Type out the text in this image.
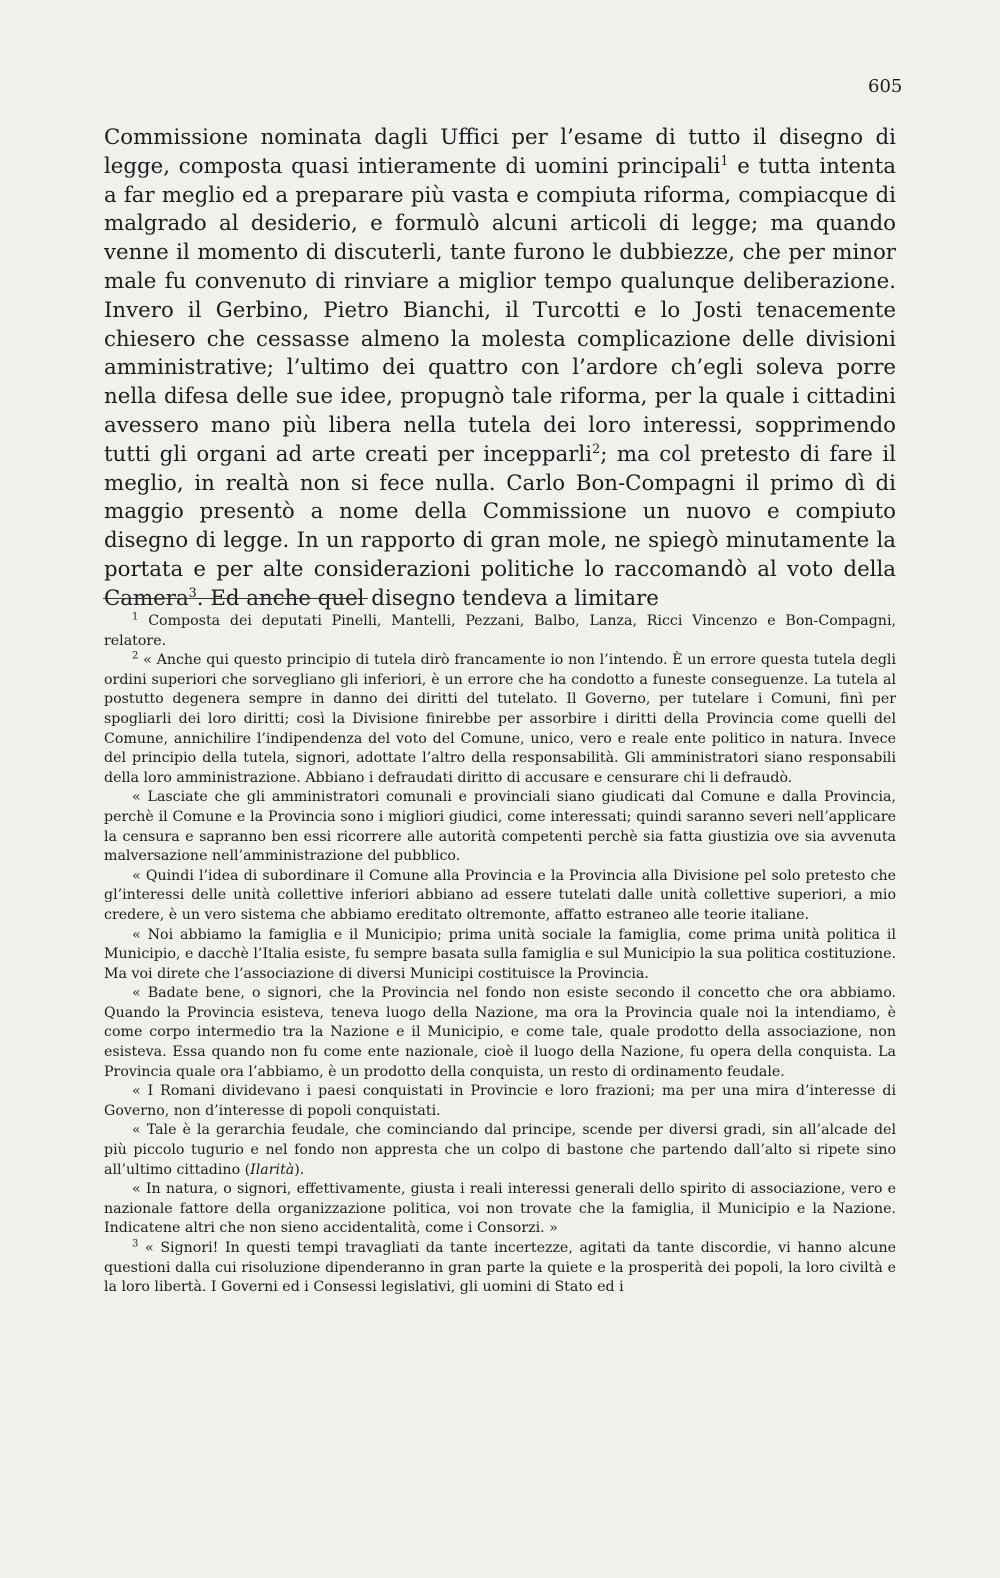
605

Commissione nominata dagli Uffici per l’esame di tutto il disegno di legge, composta quasi intieramente di uomini principali$^1$ e tutta intenta a far meglio ed a preparare più vasta e compiuta riforma, compiacque di malgrado al desiderio, e formulò alcuni articoli di legge; ma quando venne il momento di discuterli, tante furono le dubbiezze, che per minor male fu convenuto di rinviare a miglior tempo qualunque deliberazione. Invero il Gerbino, Pietro Bianchi, il Turcotti e lo Josti tenacemente chiesero che cessasse almeno la molesta complicazione delle divisioni amministrative; l’ultimo dei quattro con l’ardore ch’egli soleva porre nella difesa delle sue idee, propugnò tale riforma, per la quale i cittadini avessero mano più libera nella tutela dei loro interessi, sopprimendo tutti gli organi ad arte creati per incepparli$^2$; ma col pretesto di fare il meglio, in realtà non si fece nulla. Carlo Bon-Compagni il primo dì di maggio presentò a nome della Commissione un nuovo e compiuto disegno di legge. In un rapporto di gran mole, ne spiegò minutamente la portata e per alte considerazioni politiche lo raccomandò al voto della Camera$^3$. Ed anche quel disegno tendeva a limitare

$^1$ Composta dei deputati Pinelli, Mantelli, Pezzani, Balbo, Lanza, Ricci Vincenzo e Bon-Compagni, relatore.

$^2$ « Anche qui questo principio di tutela dirò francamente io non l’intendo. È un errore questa tutela degli ordini superiori che sorvegliano gli inferiori, è un errore che ha condotto a funeste conseguenze. La tutela al postutto degenera sempre in danno dei diritti del tutelato. Il Governo, per tutelare i Comuni, finì per spogliarli dei loro diritti; così la Divisione finirebbe per assorbire i diritti della Provincia come quelli del Comune, annichilire l’indipendenza del voto del Comune, unico, vero e reale ente politico in natura. Invece del principio della tutela, signori, adottate l’altro della responsabilità. Gli amministratori siano responsabili della loro amministrazione. Abbiano i defraudati diritto di accusare e censurare chi li defraudò.

« Lasciate che gli amministratori comunali e provinciali siano giudicati dal Comune e dalla Provincia, perchè il Comune e la Provincia sono i migliori giudici, come interessati; quindi saranno severi nell’applicare la censura e sapranno ben essi ricorrere alle autorità competenti perchè sia fatta giustizia ove sia avvenuta malversazione nell’amministrazione del pubblico.

« Quindi l’idea di subordinare il Comune alla Provincia e la Provincia alla Divisione pel solo pretesto che gl’interessi delle unità collettive inferiori abbiano ad essere tutelati dalle unità collettive superiori, a mio credere, è un vero sistema che abbiamo ereditato oltremonte, affatto estraneo alle teorie italiane.

« Noi abbiamo la famiglia e il Municipio; prima unità sociale la famiglia, come prima unità politica il Municipio, e dacchè l’Italia esiste, fu sempre basata sulla famiglia e sul Municipio la sua politica costituzione. Ma voi direte che l’associazione di diversi Municipi costituisce la Provincia.

« Badate bene, o signori, che la Provincia nel fondo non esiste secondo il concetto che ora abbiamo. Quando la Provincia esisteva, teneva luogo della Nazione, ma ora la Provincia quale noi la intendiamo, è come corpo intermedio tra la Nazione e il Municipio, e come tale, quale prodotto della associazione, non esisteva. Essa quando non fu come ente nazionale, cioè il luogo della Nazione, fu opera della conquista. La Provincia quale ora l’abbiamo, è un prodotto della conquista, un resto di ordinamento feudale.

« I Romani dividevano i paesi conquistati in Provincie e loro frazioni; ma per una mira d’interesse di Governo, non d’interesse di popoli conquistati.

« Tale è la gerarchia feudale, che cominciando dal principe, scende per diversi gradi, sin all’alcade del più piccolo tugurio e nel fondo non appresta che un colpo di bastone che partendo dall’alto si ripete sino all’ultimo cittadino (Ilarità).

« In natura, o signori, effettivamente, giusta i reali interessi generali dello spirito di associazione, vero e nazionale fattore della organizzazione politica, voi non trovate che la famiglia, il Municipio e la Nazione. Indicatene altri che non sieno accidentalità, come i Consorzi. »

$^3$ « Signori! In questi tempi travagliati da tante incertezze, agitati da tante discordie, vi hanno alcune questioni dalla cui risoluzione dipenderanno in gran parte la quiete e la prosperità dei popoli, la loro civiltà e la loro libertà. I Governi ed i Consessi legislativi, gli uomini di Stato ed i
